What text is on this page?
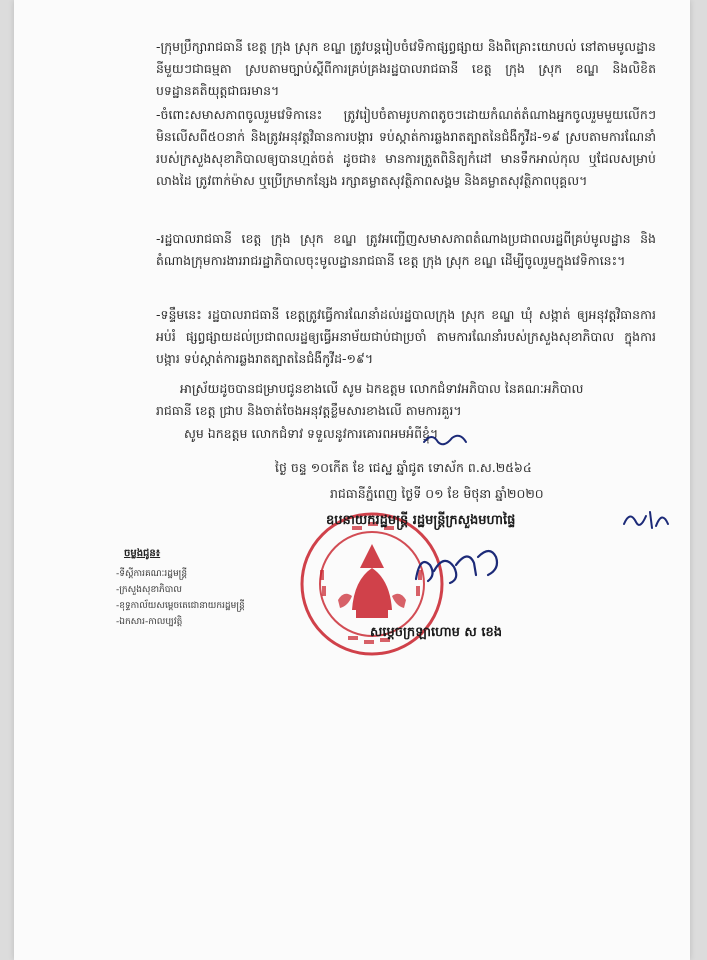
-ក្រុមប្រឹក្សារាជធានី ខេត្ត ក្រុង ស្រុក ខណ្ឌ ត្រូវបន្តរៀបចំវេទិកាផ្សព្វផ្សាយ និងពិគ្រោះយោបល់ នៅតាមមូលដ្ឋាននីមួយៗជាធម្មតា ស្របតាមច្បាប់ស្តីពីការគ្រប់គ្រងរដ្ឋបាលរាជធានី ខេត្ត ក្រុង ស្រុក ខណ្ឌ និងលិខិតបទដ្ឋានគតិយុត្តជាធរមាន។
-ចំពោះសមាសភាពចូលរួមវេទិកានេះ ត្រូវរៀបចំតាមរូបភាពតូចៗដោយកំណត់តំណាងអ្នកចូលរួមមួយលើកៗមិនលើសពី៥០នាក់ និងត្រូវអនុវត្តវិធានការបង្ការ ទប់ស្កាត់ការឆ្លងរាតត្បាតនៃជំងឺកូវីដ-១៩ ស្របតាមការណែនាំរបស់ក្រសួងសុខាភិបាលឲ្យបានហ្មត់ចត់ ដូចជា៖ មានការត្រួតពិនិត្យកំដៅ មានទឹកអាល់កុល ឬជែលសម្រាប់លាងដៃ ត្រូវពាក់ម៉ាស ឬប្រើក្រមាកន្សែង រក្សាគម្លាតសុវត្ថិភាពសង្គម និងគម្លាតសុវត្ថិភាពបុគ្គល។
-រដ្ឋបាលរាជធានី ខេត្ត ក្រុង ស្រុក ខណ្ឌ ត្រូវអញ្ជើញសមាសភាពតំណាងប្រជាពលរដ្ឋពីគ្រប់មូលដ្ឋាន និងតំណាងក្រុមការងាររាជរដ្ឋាភិបាលចុះមូលដ្ឋានរាជធានី ខេត្ត ក្រុង ស្រុក ខណ្ឌ ដើម្បីចូលរួមក្នុងវេទិកានេះ។
-ទន្ទឹមនេះ រដ្ឋបាលរាជធានី ខេត្តត្រូវធ្វើការណែនាំដល់រដ្ឋបាលក្រុង ស្រុក ខណ្ឌ ឃុំ សង្កាត់ ឲ្យអនុវត្តវិធានការអប់រំ ផ្សព្វផ្សាយដល់ប្រជាពលរដ្ឋឲ្យធ្វើអនាម័យជាប់ជាប្រចាំ តាមការណែនាំរបស់ក្រសួងសុខាភិបាល ក្នុងការបង្ការ ទប់ស្កាត់ការឆ្លងរាតត្បាតនៃជំងឺកូវីដ-១៩។
អាស្រ័យដូចបានជម្រាបជូនខាងលើ សូម ឯកឧត្តម លោកជំទាវអភិបាល នៃគណៈអភិបាល
រាជធានី ខេត្ត ជ្រាប និងចាត់ចែងអនុវត្តខ្លឹមសារខាងលើ តាមការគួរ។
សូម ឯកឧត្តម លោកជំទាវ ទទួលនូវការគោរពអមអំពីខ្ញុំ។
ថ្ងៃ ចន្ទ ១០កើត ខែ ជេស្ឋ ឆ្នាំជូត ទោស័ក ព.ស.២៥៦៤
រាជធានីភ្នំពេញ ថ្ងៃទី ០១ ខែ មិថុនា ឆ្នាំ២០២០
ឧបនាយករដ្ឋមន្ត្រី រដ្ឋមន្ត្រីក្រសួងមហាផ្ទៃ
សម្តេចក្រឡាហោម ស ខេង
ចម្លងជូន៖
-ទីស្តីការគណៈរដ្ឋមន្ត្រី
-ក្រសួងសុខាភិបាល
-ខុទ្ទកាល័យសម្តេចតេជោនាយករដ្ឋមន្ត្រី
-ឯកសារ-កាលប្បវត្តិ
